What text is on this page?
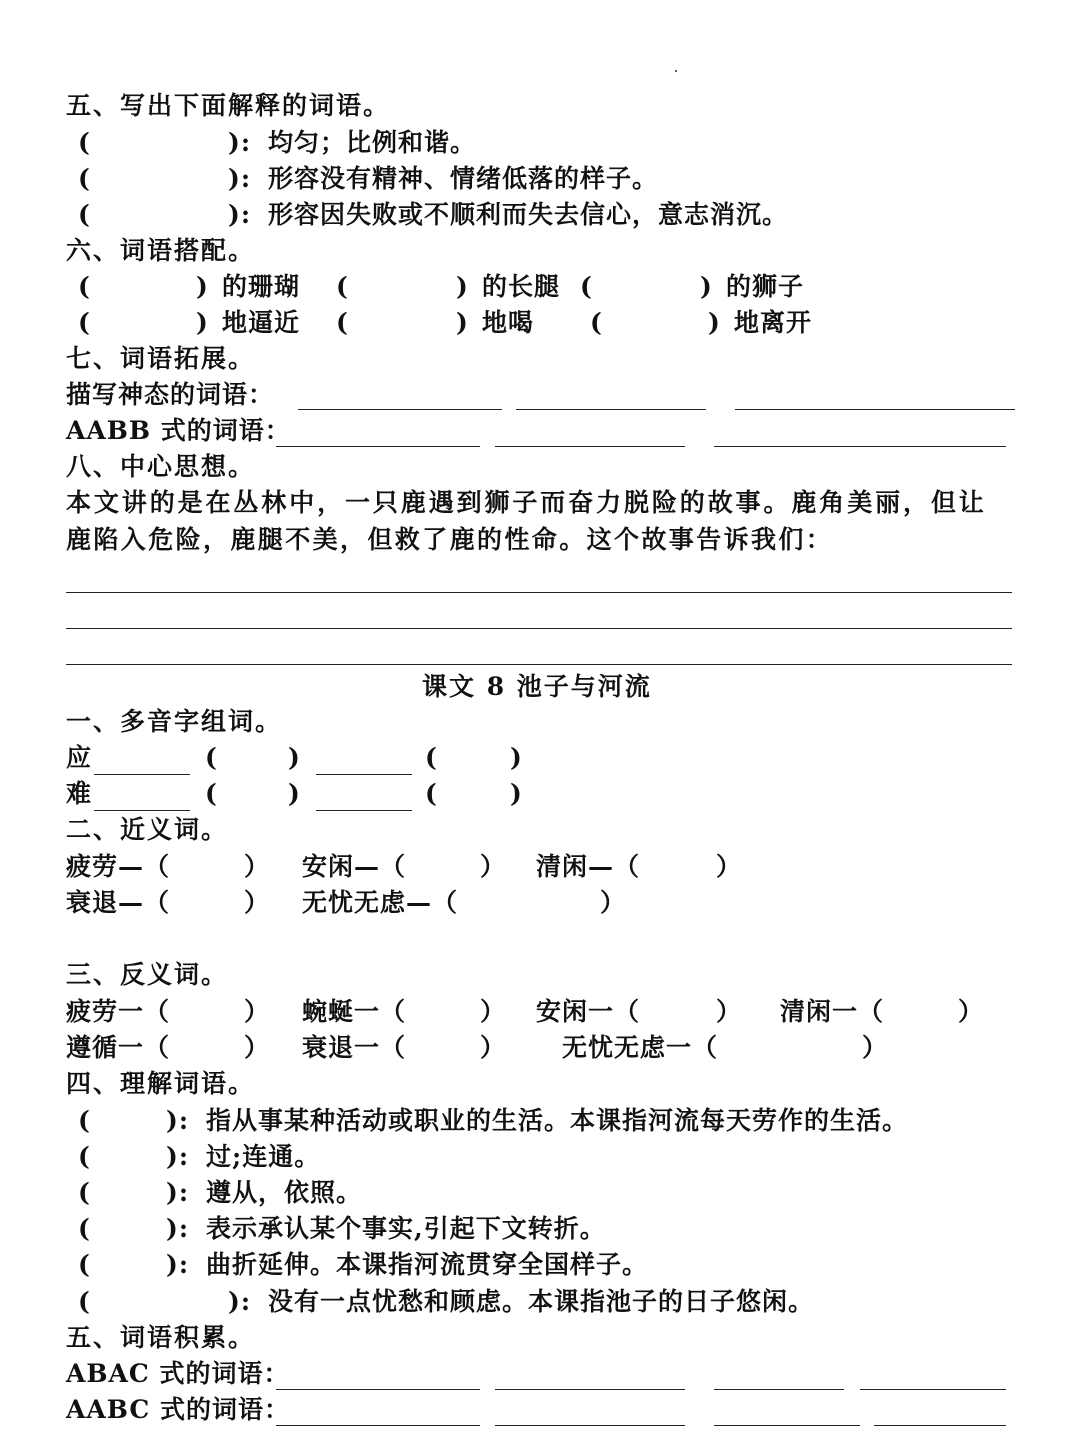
五、写出下面解释的词语。
(	): 均匀；比例和谐。
(	): 形容没有精神、情绪低落的样子。
(	): 形容因失败或不顺利而失去信心，意志消沉。
六、词语搭配。
(	) 的珊瑚 (	) 的长腿 (	) 的狮子
(	) 地逼近 (	) 地喝 (	) 地离开
七、词语拓展。
描写神态的词语：
AABB 式的词语：
八、中心思想。
本文讲的是在丛林中，一只鹿遇到狮子而奋力脱险的故事。鹿角美丽，但让
鹿陷入危险，鹿腿不美，但救了鹿的性命。这个故事告诉我们：
课文 8 池子与河流
一、多音字组词。
应	(	)	(	)
难	(	)	(	)
二、近义词。
疲劳—（	） 安闲—（	） 清闲—（	）
衰退—（	） 无忧无虑—（	）
三、反义词。
疲劳一（	） 蜿蜒一（	） 安闲一（	） 清闲一（	）
遵循一（	） 衰退一（	） 无忧无虑一（	）
四、理解词语。
(	): 指从事某种活动或职业的生活。本课指河流每天劳作的生活。
(	): 过;连通。
(	): 遵从，依照。
(	): 表示承认某个事实,引起下文转折。
(	): 曲折延伸。本课指河流贯穿全国样子。
(	): 没有一点忧愁和顾虑。本课指池子的日子悠闲。
五、词语积累。
ABAC 式的词语：
AABC 式的词语：
